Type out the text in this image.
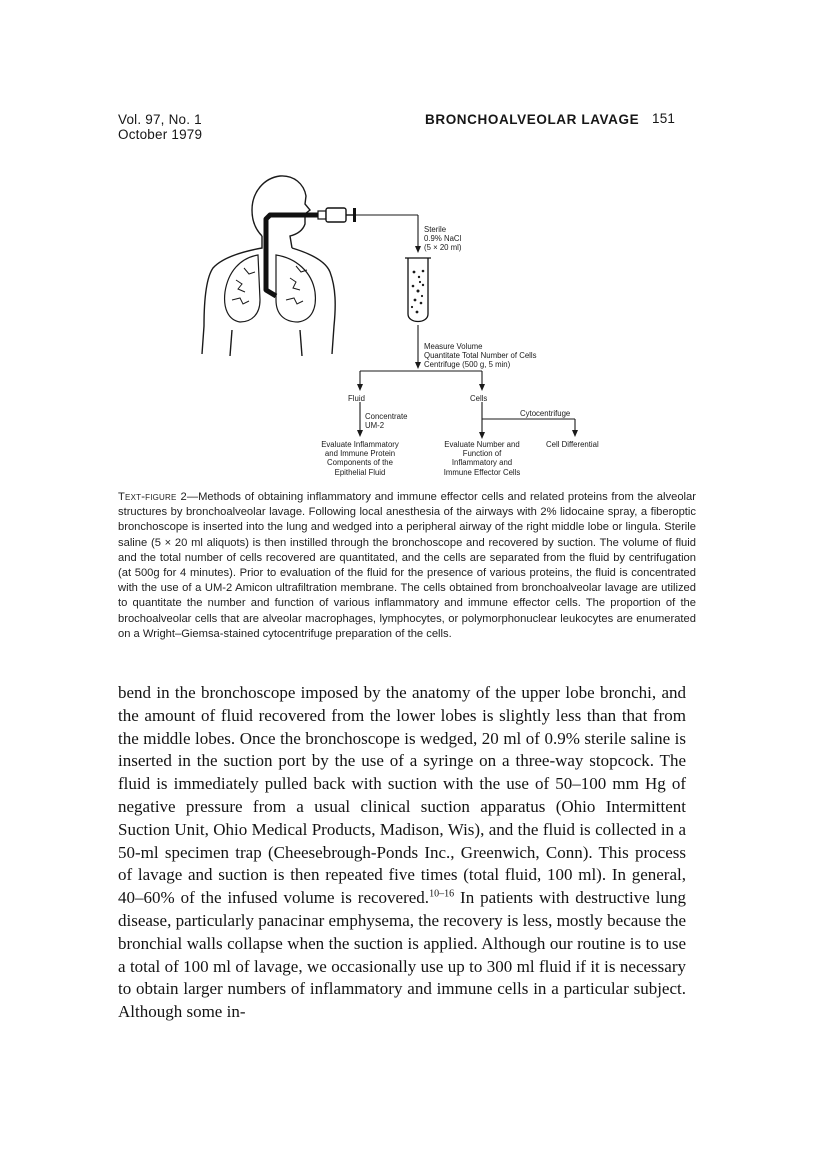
Vol. 97, No. 1
October 1979
BRONCHOALVEOLAR LAVAGE 151
Sterile
0.9% NaCl
(5 × 20 ml)
Measure Volume
Quantitate Total Number of Cells
Centrifuge (500 g, 5 min)
Fluid	Cells
Concentrate
UM-2
Cytocentrifuge
Evaluate Inflammatory
and Immune Protein
Components of the
Epithelial Fluid
Evaluate Number and
Function of
Inflammatory and
Immune Effector Cells
Cell Differential
Text-figure 2—Methods of obtaining inflammatory and immune effector cells and related proteins from the alveolar structures by bronchoalveolar lavage. Following local anesthesia of the airways with 2% lidocaine spray, a fiberoptic bronchoscope is inserted into the lung and wedged into a peripheral airway of the right middle lobe or lingula. Sterile saline (5 × 20 ml aliquots) is then instilled through the bronchoscope and recovered by suction. The volume of fluid and the total number of cells recovered are quantitated, and the cells are separated from the fluid by centrifugation (at 500g for 4 minutes). Prior to evaluation of the fluid for the presence of various proteins, the fluid is concentrated with the use of a UM-2 Amicon ultrafiltration membrane. The cells obtained from bronchoalveolar lavage are utilized to quantitate the number and function of various inflammatory and immune effector cells. The proportion of the brochoalveolar cells that are alveolar macrophages, lymphocytes, or polymorphonuclear leukocytes are enumerated on a Wright–Giemsa-stained cytocentrifuge preparation of the cells.
bend in the bronchoscope imposed by the anatomy of the upper lobe bronchi, and the amount of fluid recovered from the lower lobes is slightly less than that from the middle lobes. Once the bronchoscope is wedged, 20 ml of 0.9% sterile saline is inserted in the suction port by the use of a syringe on a three-way stopcock. The fluid is immediately pulled back with suction with the use of 50–100 mm Hg of negative pressure from a usual clinical suction apparatus (Ohio Intermittent Suction Unit, Ohio Medical Products, Madison, Wis), and the fluid is collected in a 50-ml specimen trap (Cheesebrough-Ponds Inc., Greenwich, Conn). This process of lavage and suction is then repeated five times (total fluid, 100 ml). In general, 40–60% of the infused volume is recovered.$^{10-16}$ In patients with destructive lung disease, particularly panacinar emphysema, the recovery is less, mostly because the bronchial walls collapse when the suction is applied. Although our routine is to use a total of 100 ml of lavage, we occasionally use up to 300 ml fluid if it is necessary to obtain larger numbers of inflammatory and immune cells in a particular subject. Although some in-
